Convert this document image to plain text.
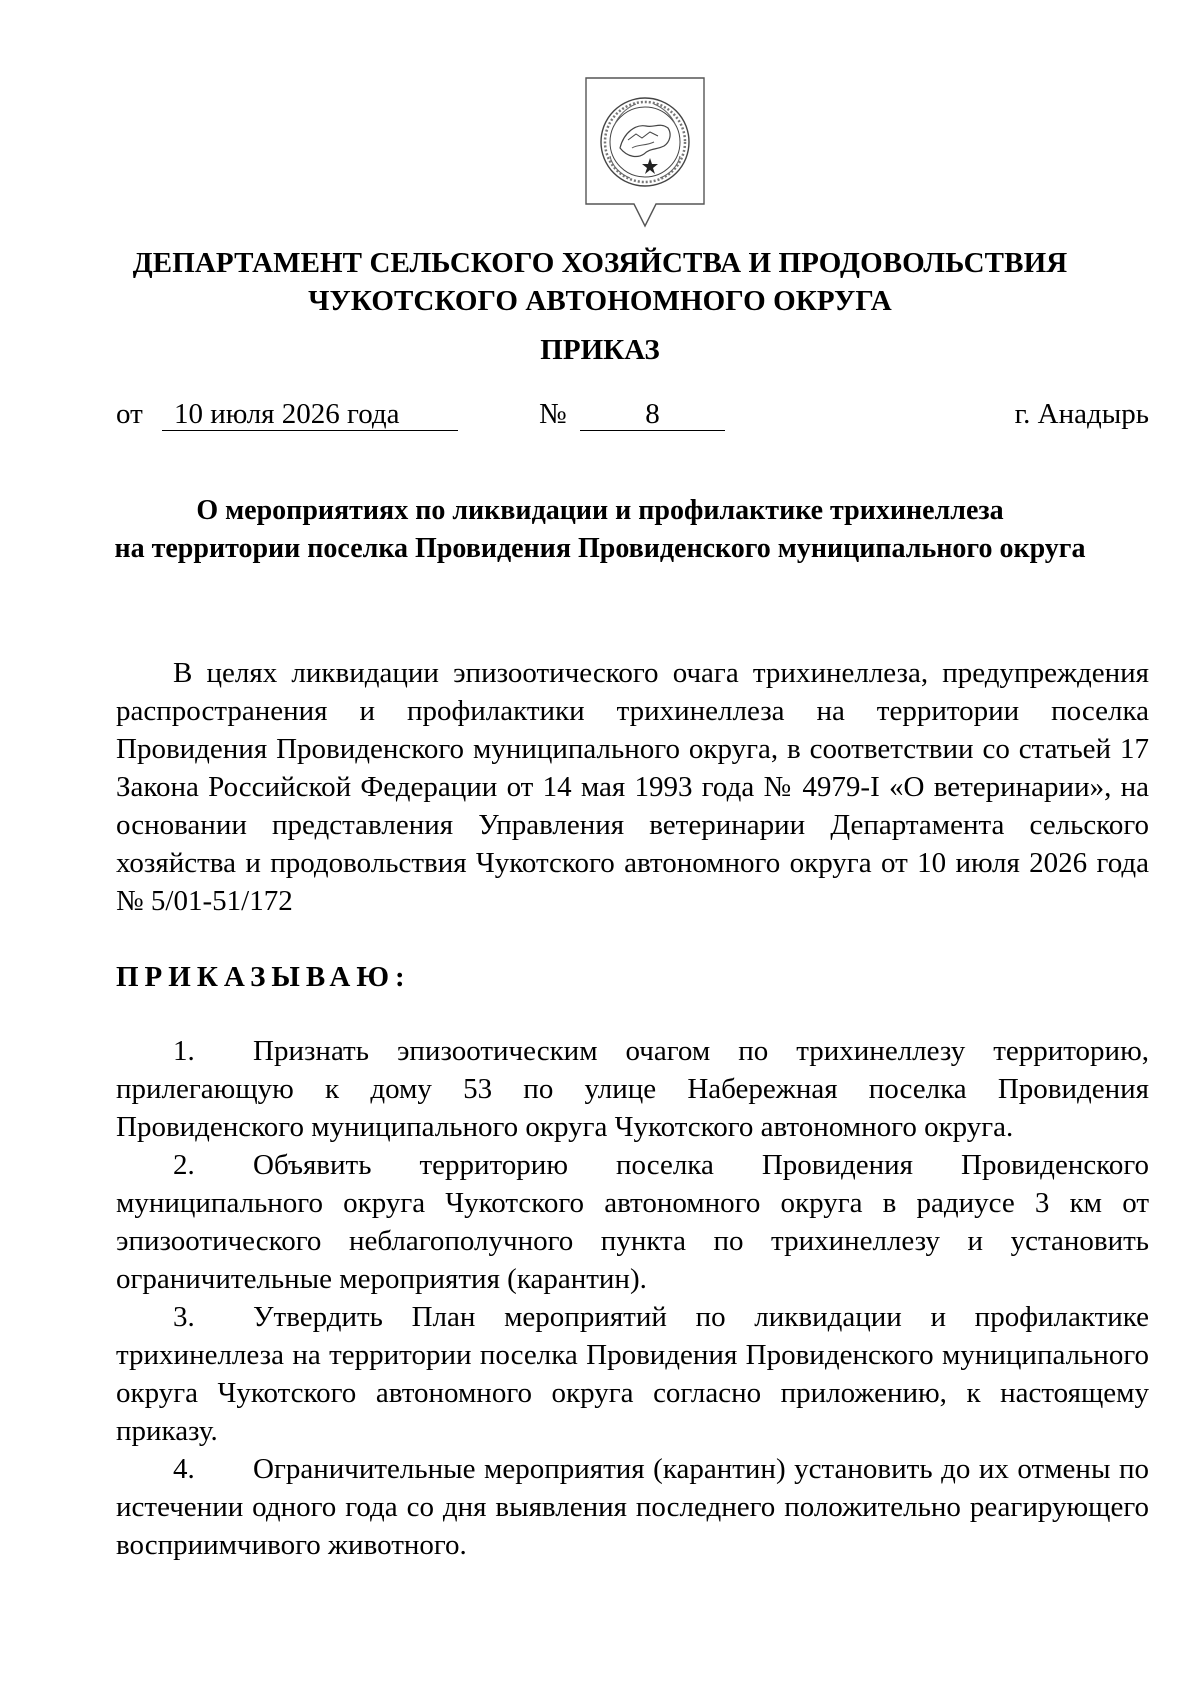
ДЕПАРТАМЕНТ СЕЛЬСКОГО ХОЗЯЙСТВА И ПРОДОВОЛЬСТВИЯ
ЧУКОТСКОГО АВТОНОМНОГО ОКРУГА
ПРИКАЗ
от 10 июля 2026 года	№	8	г. Анадырь
О мероприятиях по ликвидации и профилактике трихинеллеза
на территории поселка Провидения Провиденского муниципального округа
В целях ликвидации эпизоотического очага трихинеллеза, предупреждения распространения и профилактики трихинеллеза на территории поселка Провидения Провиденского муниципального округа, в соответствии со статьей 17 Закона Российской Федерации от 14 мая 1993 года № 4979-I «О ветеринарии», на основании представления Управления ветеринарии Департамента сельского хозяйства и продовольствия Чукотского автономного округа от 10 июля 2026 года № 5/01-51/172
ПРИКАЗЫВАЮ:

1. Признать эпизоотическим очагом по трихинеллезу территорию, прилегающую к дому 53 по улице Набережная поселка Провидения Провиденского муниципального округа Чукотского автономного округа.

2. Объявить территорию поселка Провидения Провиденского муниципального округа Чукотского автономного округа в радиусе 3 км от эпизоотического неблагополучного пункта по трихинеллезу и установить ограничительные мероприятия (карантин).

3. Утвердить План мероприятий по ликвидации и профилактике трихинеллеза на территории поселка Провидения Провиденского муниципального округа Чукотского автономного округа согласно приложению, к настоящему приказу.

4. Ограничительные мероприятия (карантин) установить до их отмены по истечении одного года со дня выявления последнего положительно реагирующего восприимчивого животного.
